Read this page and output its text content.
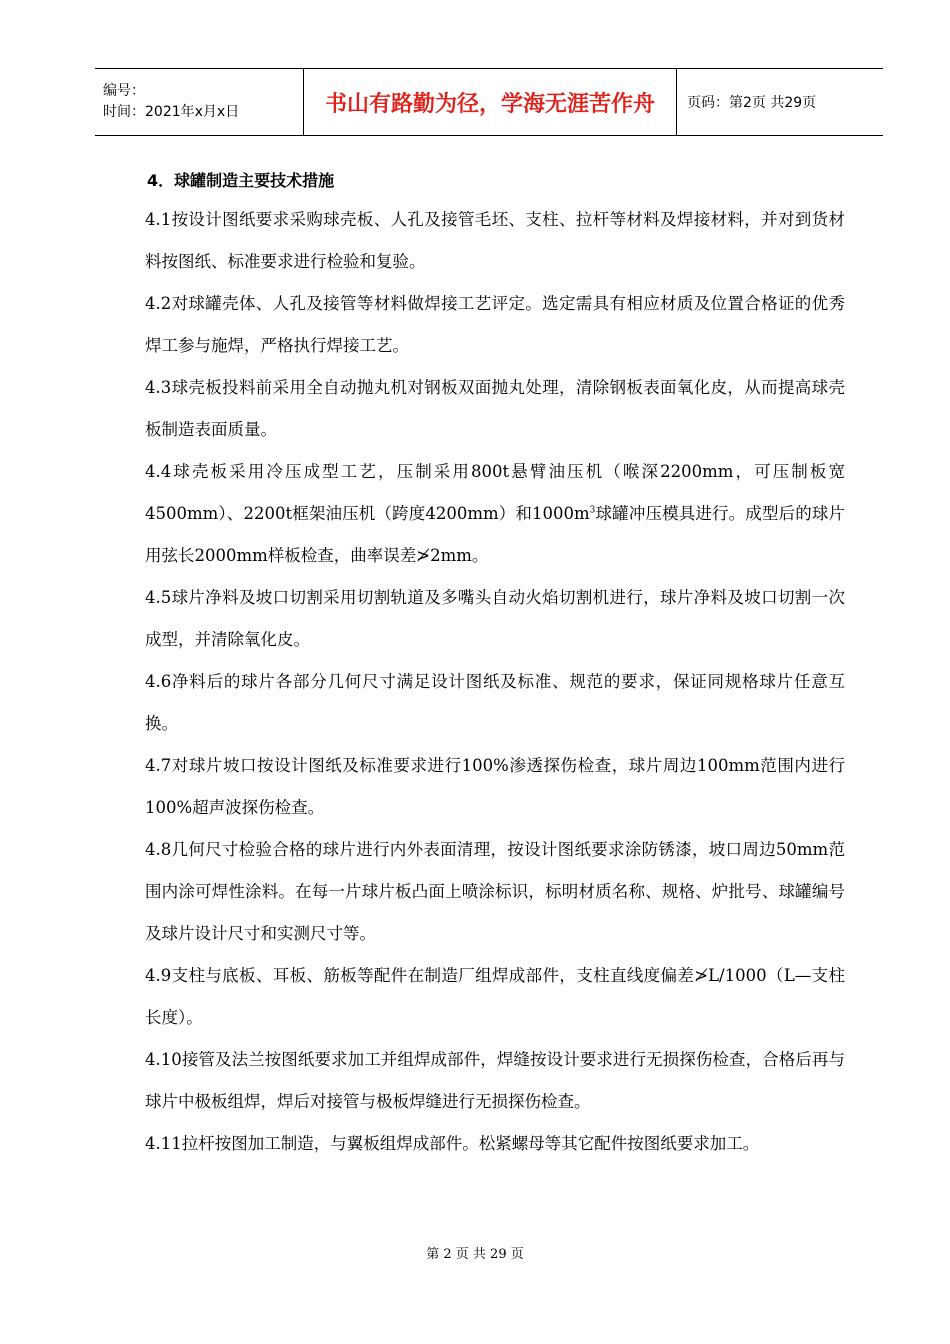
编号：
时间：2021年x月x日	书山有路勤为径，学海无涯苦作舟	页码：第2页 共29页
4．球罐制造主要技术措施

4.1按设计图纸要求采购球壳板、人孔及接管毛坯、支柱、拉杆等材料及焊接材料，并对到货材料按图纸、标准要求进行检验和复验。

4.2对球罐壳体、人孔及接管等材料做焊接工艺评定。选定需具有相应材质及位置合格证的优秀焊工参与施焊，严格执行焊接工艺。

4.3球壳板投料前采用全自动抛丸机对钢板双面抛丸处理，清除钢板表面氧化皮，从而提高球壳板制造表面质量。

4.4球壳板采用冷压成型工艺，压制采用800t悬臂油压机（喉深2200mm，可压制板宽4500mm）、2200t框架油压机（跨度4200mm）和$1000m^3$球罐冲压模具进行。成型后的球片用弦长2000mm样板检查，曲率误差≯2mm。

4.5球片净料及坡口切割采用切割轨道及多嘴头自动火焰切割机进行，球片净料及坡口切割一次成型，并清除氧化皮。

4.6净料后的球片各部分几何尺寸满足设计图纸及标准、规范的要求，保证同规格球片任意互换。

4.7对球片坡口按设计图纸及标准要求进行100%渗透探伤检查，球片周边100mm范围内进行100%超声波探伤检查。

4.8几何尺寸检验合格的球片进行内外表面清理，按设计图纸要求涂防锈漆，坡口周边50mm范围内涂可焊性涂料。在每一片球片板凸面上喷涂标识，标明材质名称、规格、炉批号、球罐编号及球片设计尺寸和实测尺寸等。

4.9支柱与底板、耳板、筋板等配件在制造厂组焊成部件，支柱直线度偏差≯L/1000（L—支柱长度）。

4.10接管及法兰按图纸要求加工并组焊成部件，焊缝按设计要求进行无损探伤检查，合格后再与球片中极板组焊，焊后对接管与极板焊缝进行无损探伤检查。

4.11拉杆按图加工制造，与翼板组焊成部件。松紧螺母等其它配件按图纸要求加工。

第 2 页 共 29 页
